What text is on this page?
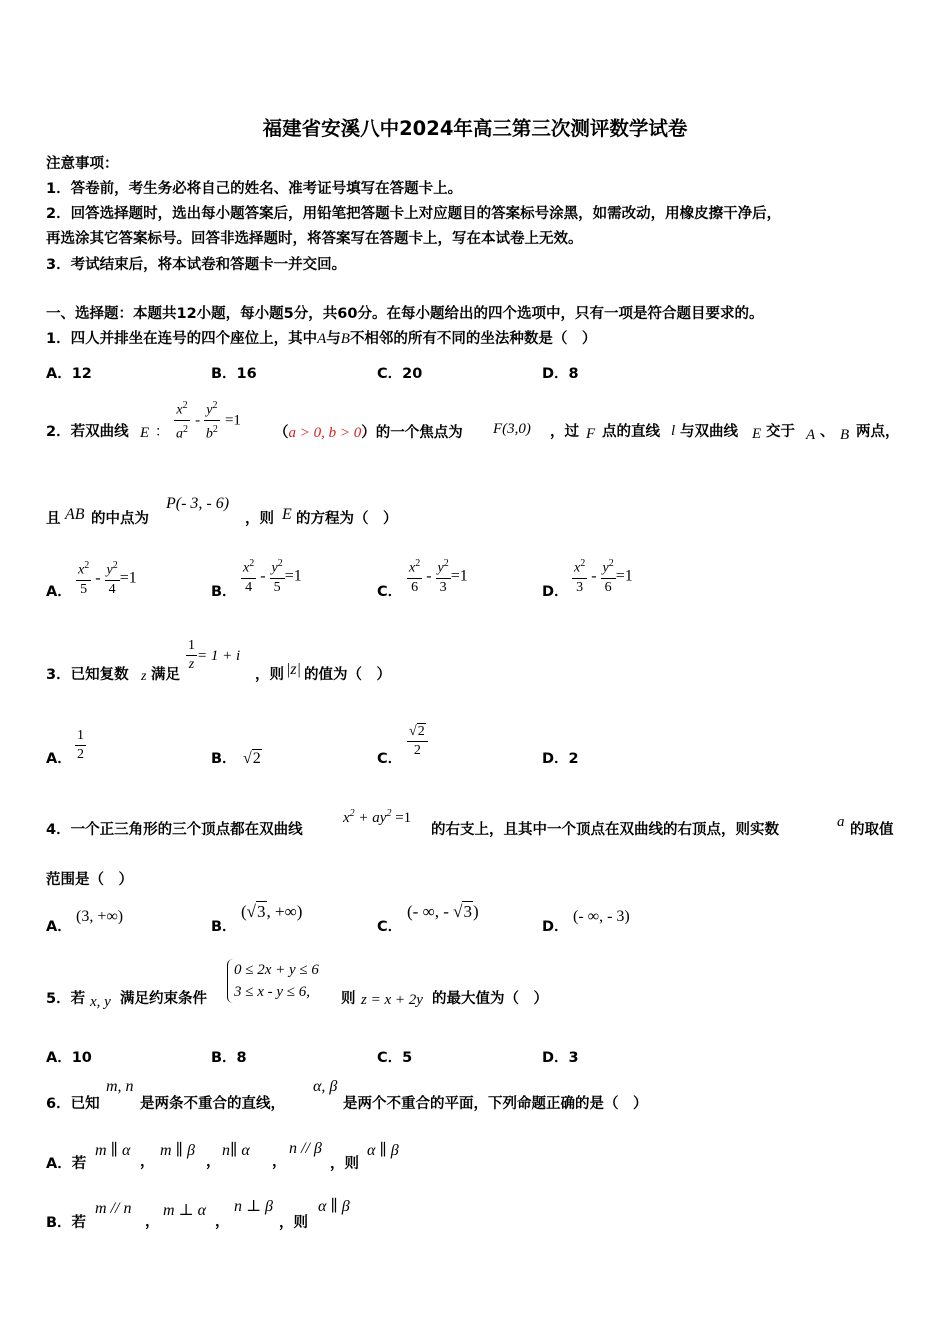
福建省安溪八中2024年高三第三次测评数学试卷
注意事项：
1．答卷前，考生务必将自己的姓名、准考证号填写在答题卡上。
2．回答选择题时，选出每小题答案后，用铅笔把答题卡上对应题目的答案标号涂黑，如需改动，用橡皮擦干净后，
再选涂其它答案标号。回答非选择题时，将答案写在答题卡上，写在本试卷上无效。
3．考试结束后，将本试卷和答题卡一并交回。
一、选择题：本题共12小题，每小题5分，共60分。在每小题给出的四个选项中，只有一项是符合题目要求的。
1．四人并排坐在连号的四个座位上，其中A与B不相邻的所有不同的坐法种数是（　）
A．12	B．16	C．20	D．8
2．若双曲线 E ： $\frac{x^2}{a^2} - \frac{y^2}{b^2} =1$
（a > 0, b > 0）的一个焦点为 F(3,0) ，过 F 点的直线 l 与双曲线 E 交于 A 、 B 两点，
且 AB 的中点为
P(- 3, - 6)
，则 E 的方程为（　）
A． $\frac{x^2}{5} - \frac{y^2}{4} =1$
B． $\frac{x^2}{4} - \frac{y^2}{5} =1$
C． $\frac{x^2}{6} - \frac{y^2}{3} =1$
D． $\frac{x^2}{3} - \frac{y^2}{6} =1$
3．已知复数 z 满足
$\frac{1}{z} = 1 + i$
，则 |z| 的值为（　）
A． $\frac{1}{2}$	B． √2	C． $\frac{√2}{2}$	D．2
4．一个正三角形的三个顶点都在双曲线
$x^2 + ay^2 =1$
的右支上，且其中一个顶点在双曲线的右顶点，则实数	a 的取值
范围是（　）
A．
(3, +∞)
B．
(√3, +∞)
C．
(- ∞, - √3)
D．
(- ∞, - 3)
5．若 x, y 满足约束条件
0 ≤ 2x + y ≤ 6
3 ≤ x - y ≤ 6,	则 z = x + 2y 的最大值为（　）
A．10	B．8	C．5	D．3
6．已知
m, n
是两条不重合的直线，
α, β
是两个不重合的平面，下列命题正确的是（　）
A．若
m ∥ α
，
m ∥ β
，
n∥ α
，
n // β
，则
α ∥ β
B．若
m // n
，
m ⊥ α
，
n ⊥ β
，则
α ∥ β
